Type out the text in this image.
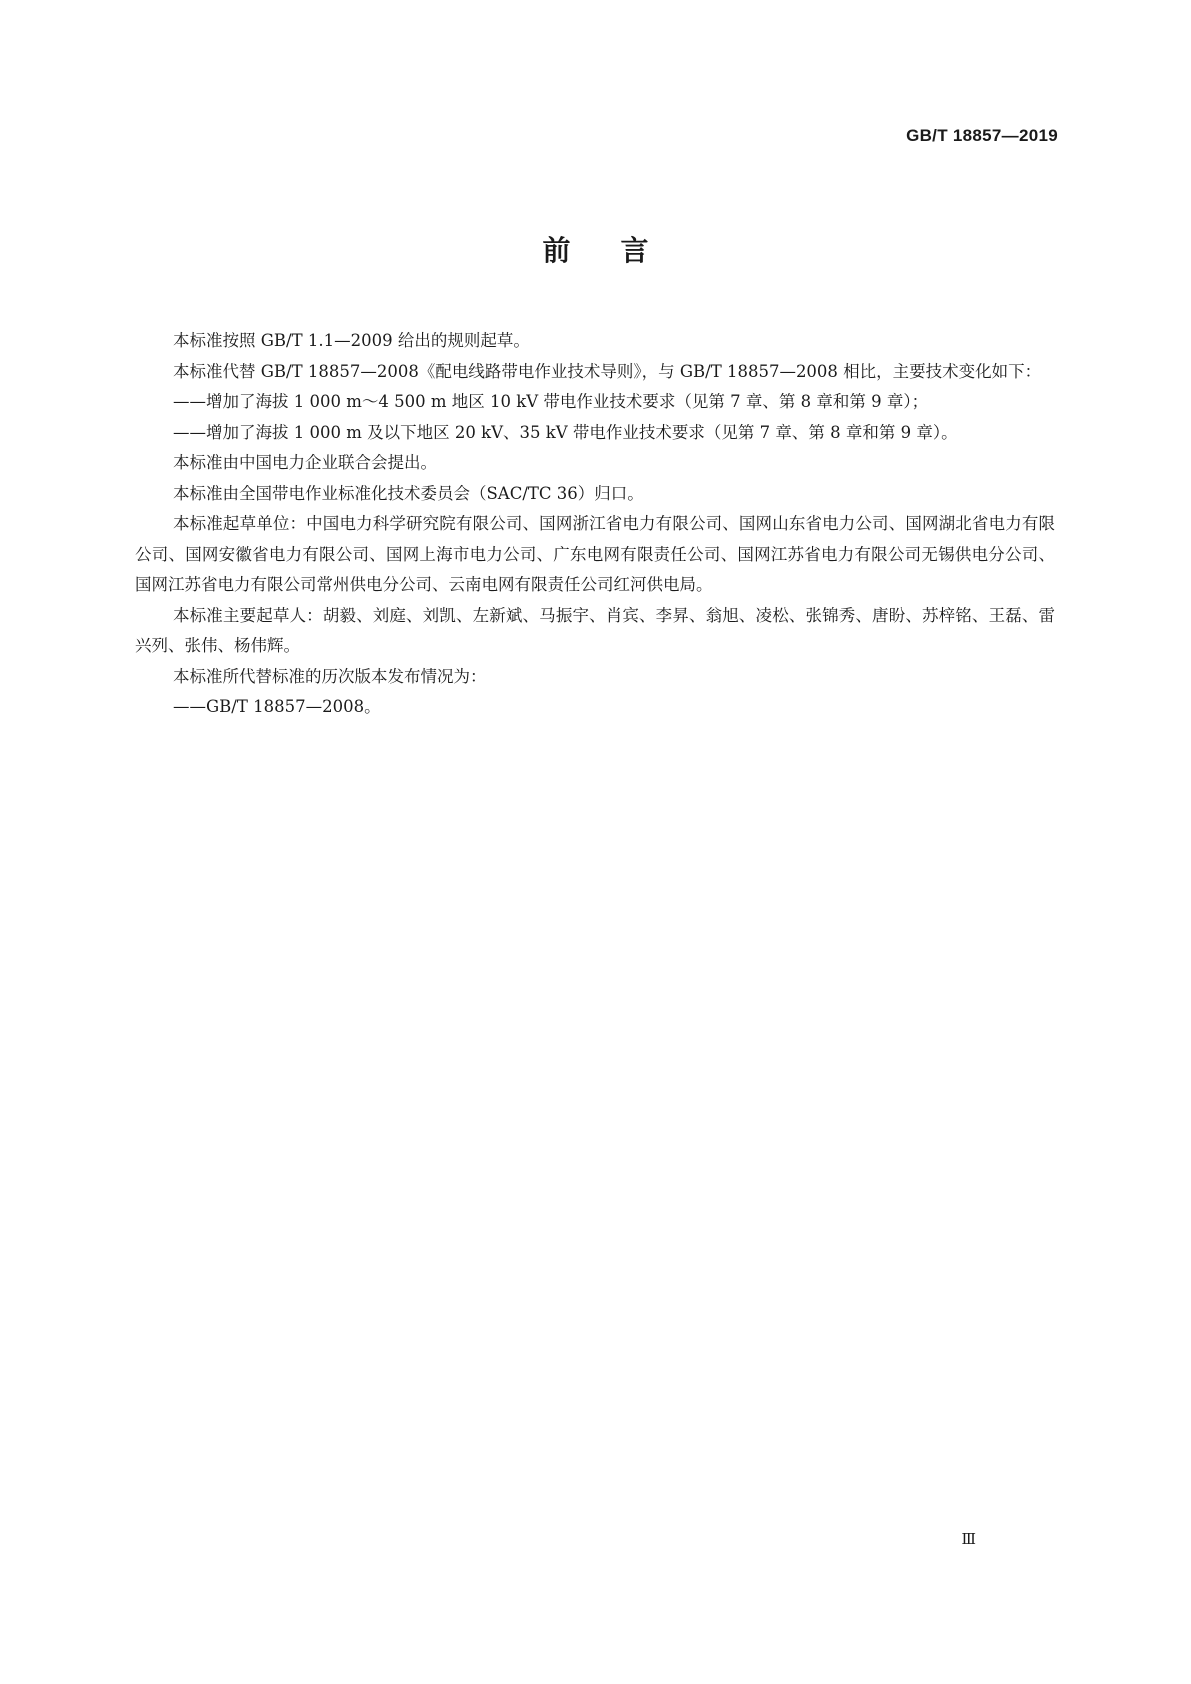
GB/T 18857—2019
前言

本标准按照 GB/T 1.1—2009 给出的规则起草。

本标准代替 GB/T 18857—2008《配电线路带电作业技术导则》，与 GB/T 18857—2008 相比，主要技术变化如下：

——增加了海拔 1 000 m～4 500 m 地区 10 kV 带电作业技术要求（见第 7 章、第 8 章和第 9 章）；

——增加了海拔 1 000 m 及以下地区 20 kV、35 kV 带电作业技术要求（见第 7 章、第 8 章和第 9 章）。

本标准由中国电力企业联合会提出。

本标准由全国带电作业标准化技术委员会（SAC/TC 36）归口。

本标准起草单位：中国电力科学研究院有限公司、国网浙江省电力有限公司、国网山东省电力公司、国网湖北省电力有限公司、国网安徽省电力有限公司、国网上海市电力公司、广东电网有限责任公司、国网江苏省电力有限公司无锡供电分公司、国网江苏省电力有限公司常州供电分公司、云南电网有限责任公司红河供电局。

本标准主要起草人：胡毅、刘庭、刘凯、左新斌、马振宇、肖宾、李昇、翁旭、凌松、张锦秀、唐盼、苏梓铭、王磊、雷兴列、张伟、杨伟辉。

本标准所代替标准的历次版本发布情况为：

——GB/T 18857—2008。

Ⅲ
